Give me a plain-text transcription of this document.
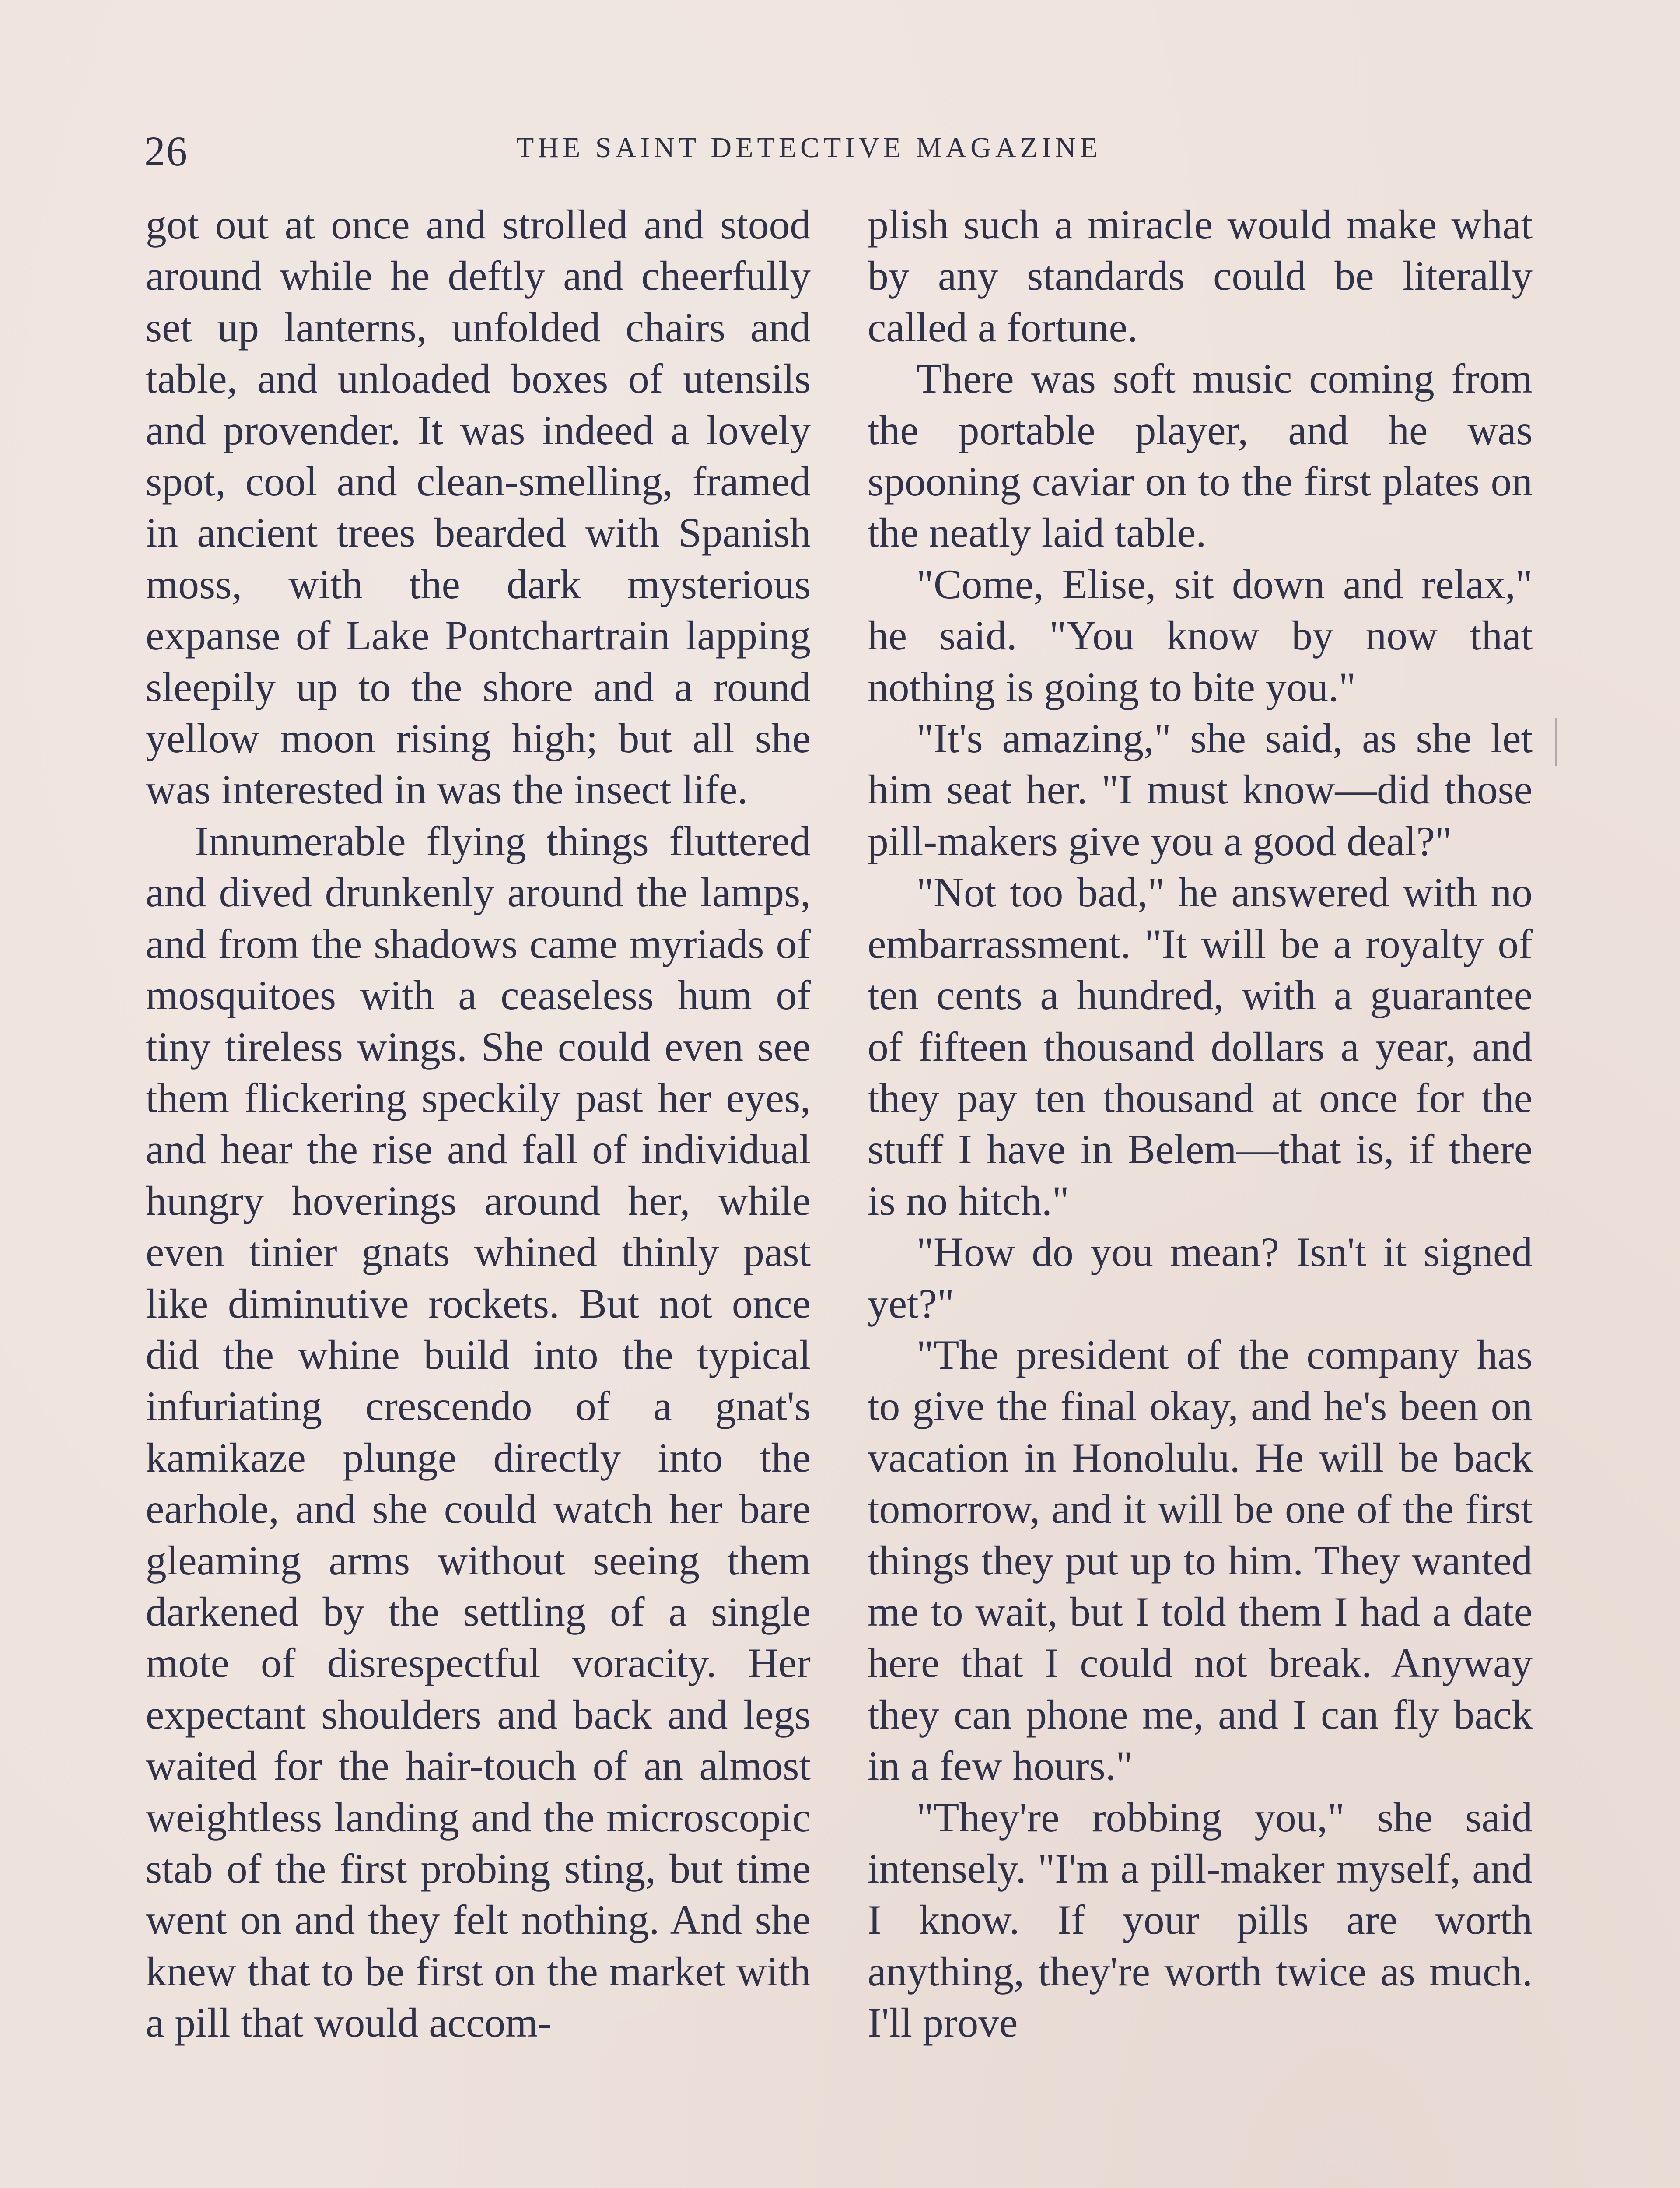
26	THE SAINT DETECTIVE MAGAZINE

got out at once and strolled and stood around while he deftly and cheerfully set up lanterns, unfolded chairs and table, and unloaded boxes of utensils and provender. It was indeed a lovely spot, cool and clean-smelling, framed in ancient trees bearded with Spanish moss, with the dark mysterious expanse of Lake Pontchartrain lapping sleepily up to the shore and a round yellow moon rising high; but all she was interested in was the insect life.

Innumerable flying things fluttered and dived drunkenly around the lamps, and from the shadows came myriads of mosquitoes with a ceaseless hum of tiny tireless wings. She could even see them flickering speckily past her eyes, and hear the rise and fall of individual hungry hoverings around her, while even tinier gnats whined thinly past like diminutive rockets. But not once did the whine build into the typical infuriating crescendo of a gnat's kamikaze plunge directly into the earhole, and she could watch her bare gleaming arms without seeing them darkened by the settling of a single mote of disrespectful voracity. Her expectant shoulders and back and legs waited for the hair-touch of an almost weightless landing and the microscopic stab of the first probing sting, but time went on and they felt nothing. And she knew that to be first on the market with a pill that would accom-

plish such a miracle would make what by any standards could be literally called a fortune.

There was soft music coming from the portable player, and he was spooning caviar on to the first plates on the neatly laid table.

"Come, Elise, sit down and relax," he said. "You know by now that nothing is going to bite you."

"It's amazing," she said, as she let him seat her. "I must know—did those pill-makers give you a good deal?"

"Not too bad," he answered with no embarrassment. "It will be a royalty of ten cents a hundred, with a guarantee of fifteen thousand dollars a year, and they pay ten thousand at once for the stuff I have in Belem—that is, if there is no hitch."

"How do you mean? Isn't it signed yet?"

"The president of the company has to give the final okay, and he's been on vacation in Honolulu. He will be back tomorrow, and it will be one of the first things they put up to him. They wanted me to wait, but I told them I had a date here that I could not break. Anyway they can phone me, and I can fly back in a few hours."

"They're robbing you," she said intensely. "I'm a pill-maker myself, and I know. If your pills are worth anything, they're worth twice as much. I'll prove
